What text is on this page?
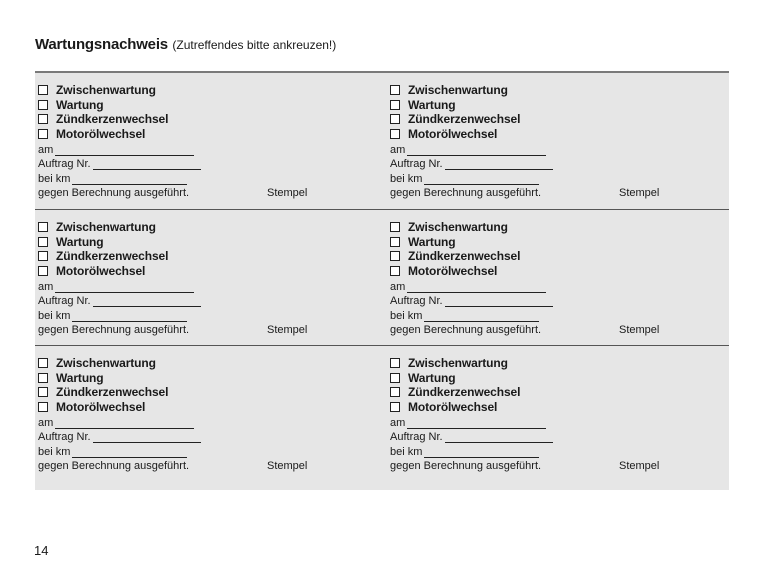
Wartungsnachweis (Zutreffendes bitte ankreuzen!)
Zwischenwartung
Wartung
Zündkerzenwechsel
Motorölwechsel
am
Auftrag Nr.
bei km
gegen Berechnung ausgeführt.	Stempel
Zwischenwartung
Wartung
Zündkerzenwechsel
Motorölwechsel
am
Auftrag Nr.
bei km
gegen Berechnung ausgeführt.	Stempel
Zwischenwartung
Wartung
Zündkerzenwechsel
Motorölwechsel
am
Auftrag Nr.
bei km
gegen Berechnung ausgeführt.	Stempel
Zwischenwartung
Wartung
Zündkerzenwechsel
Motorölwechsel
am
Auftrag Nr.
bei km
gegen Berechnung ausgeführt.	Stempel
Zwischenwartung
Wartung
Zündkerzenwechsel
Motorölwechsel
am
Auftrag Nr.
bei km
gegen Berechnung ausgeführt.	Stempel
Zwischenwartung
Wartung
Zündkerzenwechsel
Motorölwechsel
am
Auftrag Nr.
bei km
gegen Berechnung ausgeführt.	Stempel
14
